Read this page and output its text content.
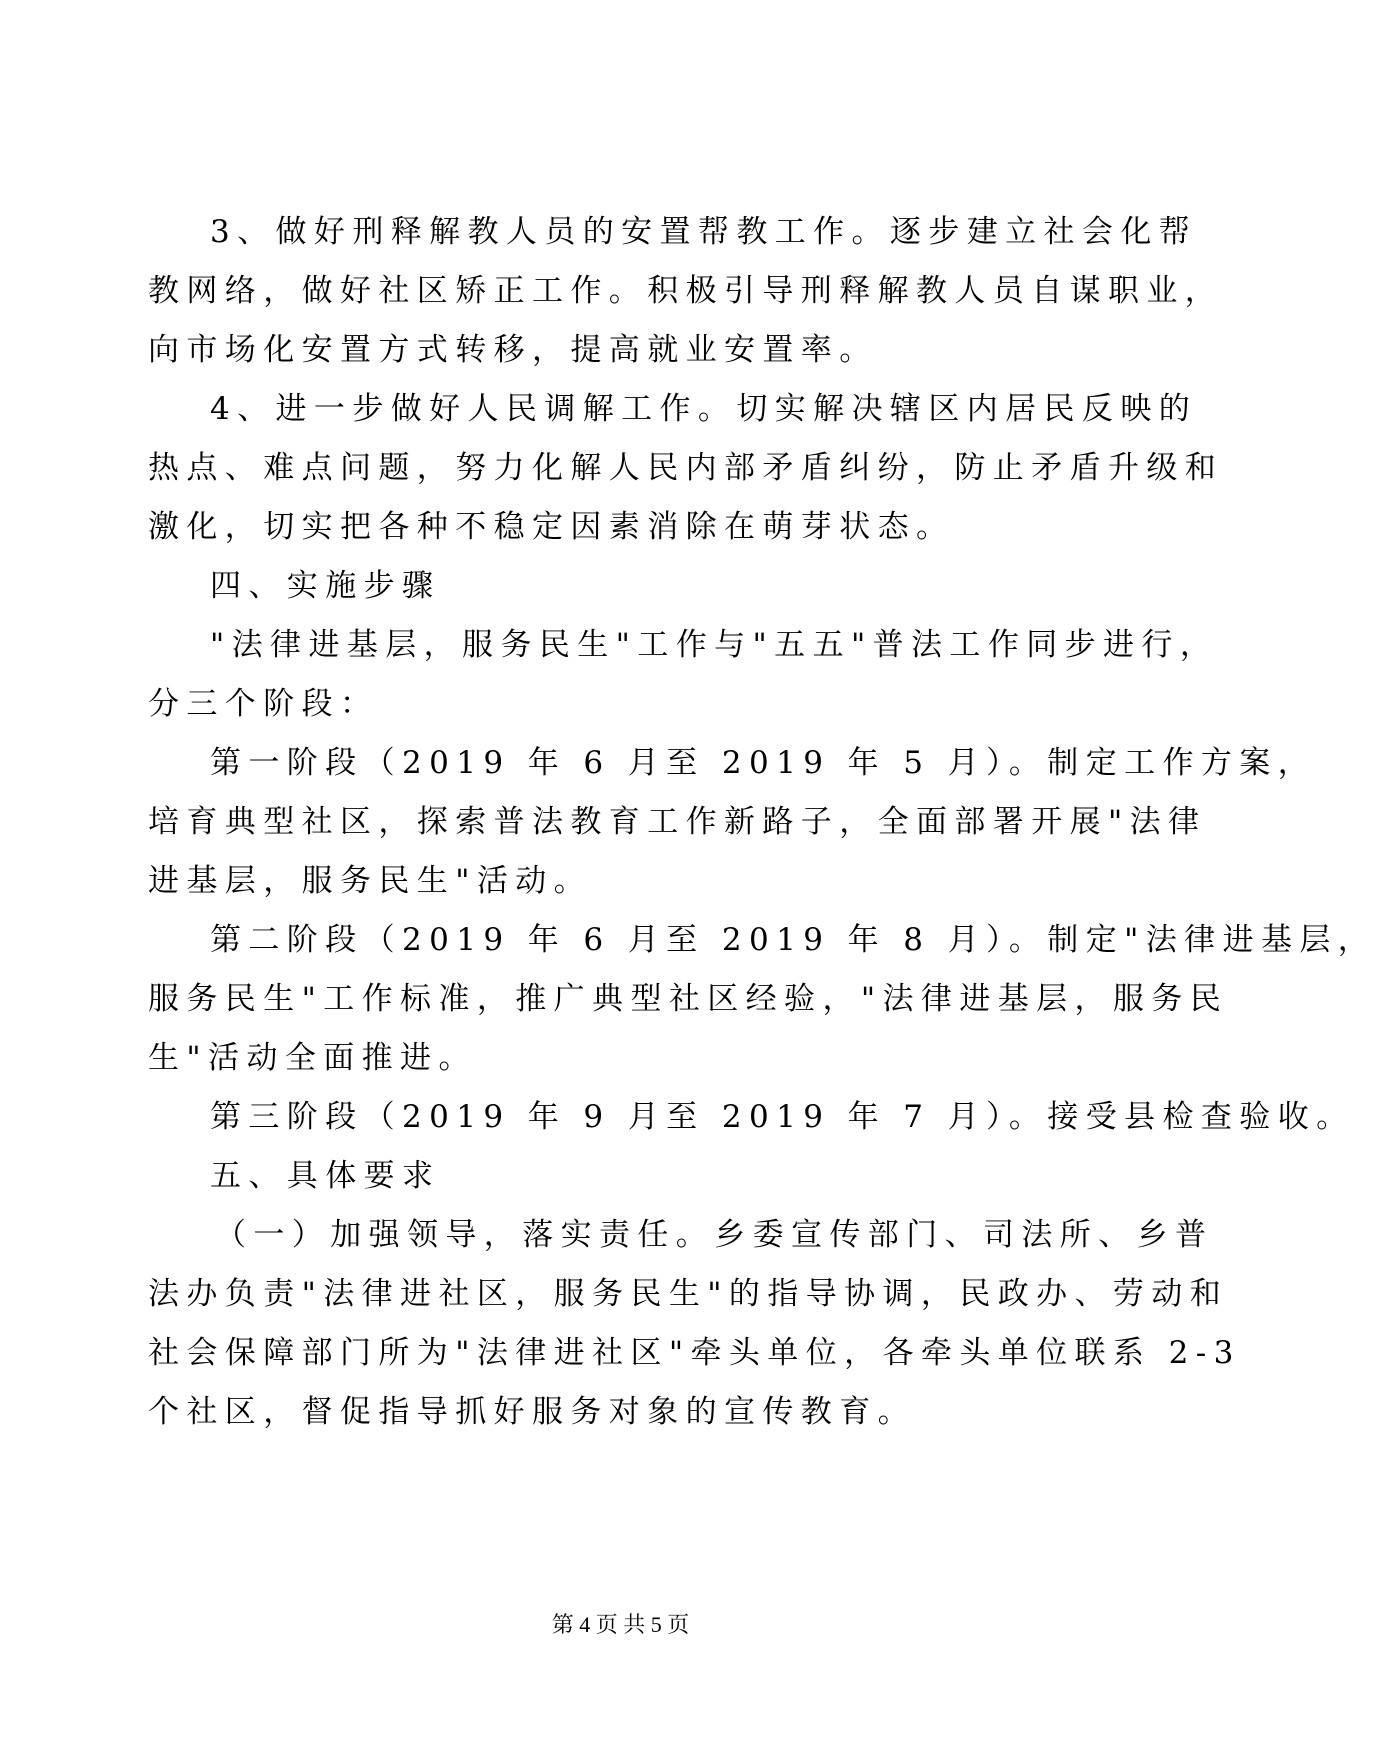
3、做好刑释解教人员的安置帮教工作。逐步建立社会化帮
教网络，做好社区矫正工作。积极引导刑释解教人员自谋职业，
向市场化安置方式转移，提高就业安置率。
4、进一步做好人民调解工作。切实解决辖区内居民反映的
热点、难点问题，努力化解人民内部矛盾纠纷，防止矛盾升级和
激化，切实把各种不稳定因素消除在萌芽状态。
四、实施步骤
"法律进基层，服务民生"工作与"五五"普法工作同步进行，
分三个阶段：
第一阶段（2019 年 6 月至 2019 年 5 月）。制定工作方案，
培育典型社区，探索普法教育工作新路子，全面部署开展"法律
进基层，服务民生"活动。
第二阶段（2019 年 6 月至 2019 年 8 月）。制定"法律进基层，
服务民生"工作标准，推广典型社区经验，"法律进基层，服务民
生"活动全面推进。
第三阶段（2019 年 9 月至 2019 年 7 月）。接受县检查验收。
五、具体要求
（一）加强领导，落实责任。乡委宣传部门、司法所、乡普
法办负责"法律进社区，服务民生"的指导协调，民政办、劳动和
社会保障部门所为"法律进社区"牵头单位，各牵头单位联系 2-3
个社区，督促指导抓好服务对象的宣传教育。
第 4 页 共 5 页
